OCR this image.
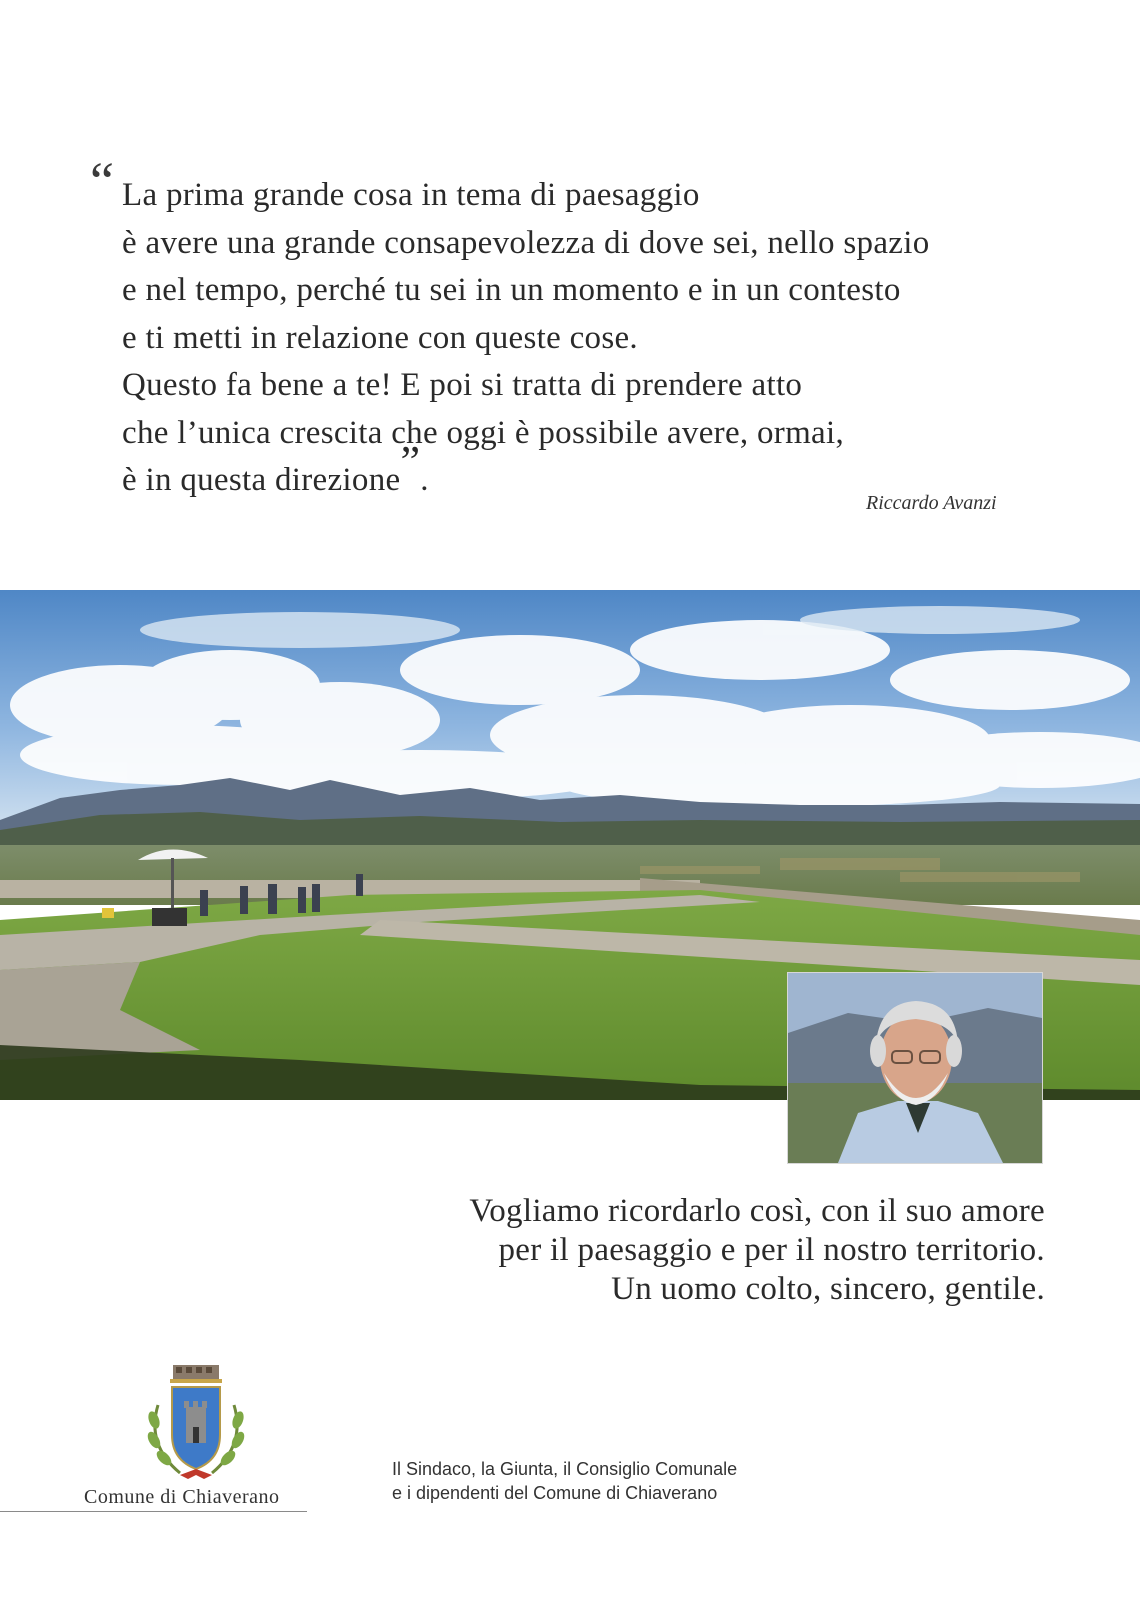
“ La prima grande cosa in tema di paesaggio
è avere una grande consapevolezza di dove sei, nello spazio
e nel tempo, perché tu sei in un momento e in un contesto
e ti metti in relazione con queste cose.
Questo fa bene a te! E poi si tratta di prendere atto
che l’unica crescita che oggi è possibile avere, ormai,
è in questa direzione”.
Riccardo Avanzi
Vogliamo ricordarlo così, con il suo amore
per il paesaggio e per il nostro territorio.
Un uomo colto, sincero, gentile.
Comune di Chiaverano
Il Sindaco, la Giunta, il Consiglio Comunale
e i dipendenti del Comune di Chiaverano
